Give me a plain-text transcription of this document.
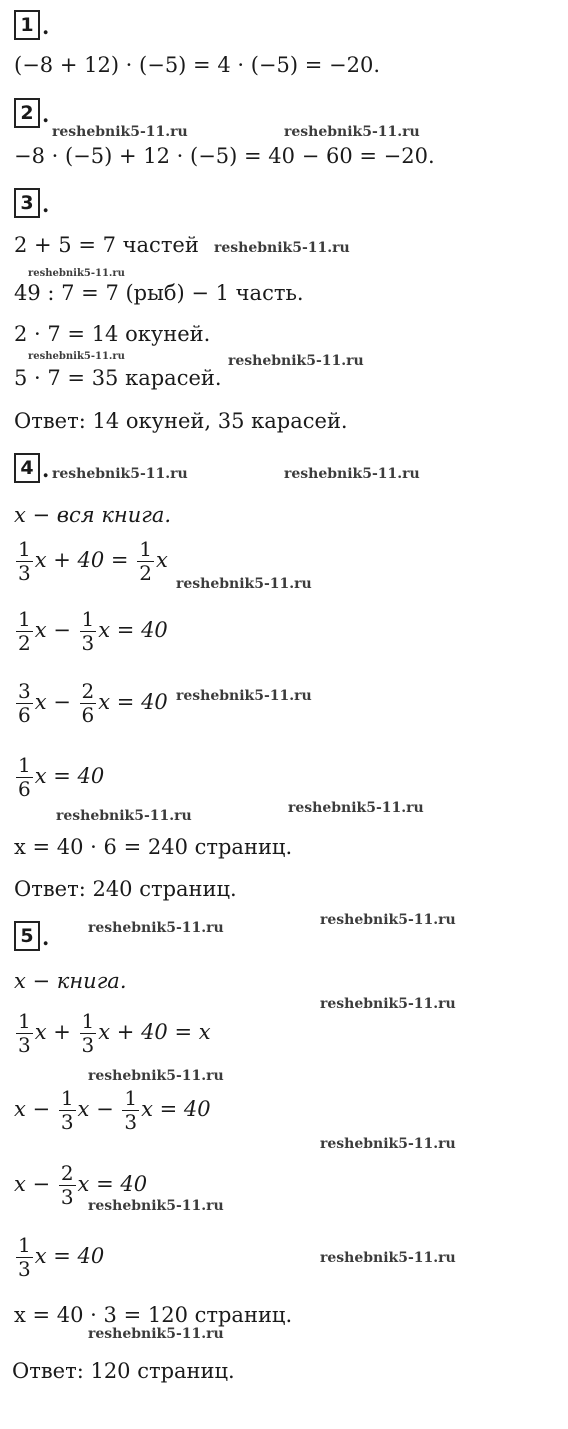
1 .
(−8 + 12) · (−5) = 4 · (−5) = −20.
2 .
reshebnik5-11.ru	reshebnik5-11.ru
−8 · (−5) + 12 · (−5) = 40 − 60 = −20.
3 .
2 + 5 = 7 частей reshebnik5-11.ru
reshebnik5-11.ru
49 : 7 = 7 (рыб) − 1 часть.
2 · 7 = 14 окуней.
reshebnik5-11.ru	reshebnik5-11.ru
5 · 7 = 35 карасей.
Ответ: 14 окуней, 35 карасей.
4 . reshebnik5-11.ru	reshebnik5-11.ru
x − вся книга.
$\frac{1}{3}$ $x + 40 = \frac{1}{2}$ x
reshebnik5-11.ru
$\frac{1}{2}$ $x - \frac{1}{3}$ x = 40
reshebnik5-11.ru
$\frac{3}{6}$ $x - \frac{2}{6}$ x = 40
$\frac{1}{6}$ x = 40
reshebnik5-11.ru	reshebnik5-11.ru
x = 40 · 6 = 240 страниц.
Ответ: 240 страниц.
5 .	reshebnik5-11.ru	reshebnik5-11.ru
x − книга.
$\frac{1}{3}$ $x + \frac{1}{3}$ x + 40 = x
reshebnik5-11.ru
reshebnik5-11.ru
$x - \frac{1}{3}$ $x - \frac{1}{3}$ x = 40
reshebnik5-11.ru
$x - \frac{2}{3}$ x = 40
reshebnik5-11.ru
$\frac{1}{3}$ x = 40	reshebnik5-11.ru
x = 40 · 3 = 120 страниц.
reshebnik5-11.ru
Ответ: 120 страниц.
